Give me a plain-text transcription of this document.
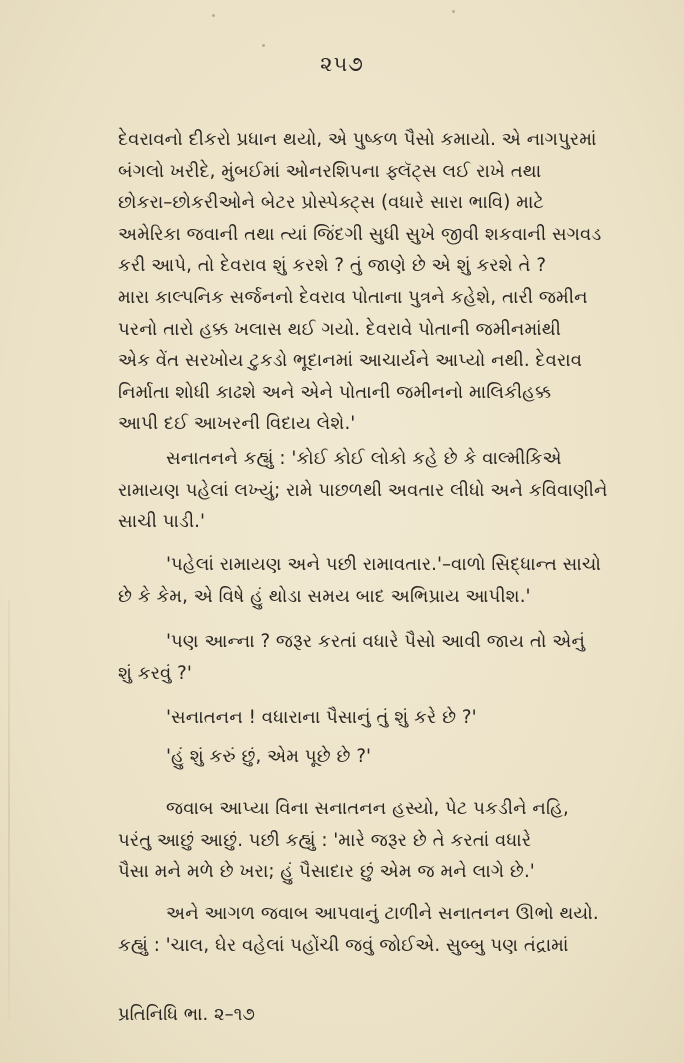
૨૫૭

દેવરાવનો દીકરો પ્રધાન થયો, એ પુષ્કળ પૈસો કમાયો. એ નાગપુરમાં
બંગલો ખરીદે, મુંબઈમાં ઓનરશિપના ફ્લૅટ્સ લઈ રાખે તથા
છોકરા–છોકરીઓને બેટર પ્રોસ્પેક્ટ્સ (વધારે સારા ભાવિ) માટે
અમેરિકા જવાની તથા ત્યાં જિંદગી સુધી સુખે જીવી શકવાની સગવડ
કરી આપે, તો દેવરાવ શું કરશે ? તું જાણે છે એ શું કરશે તે ?
મારા કાલ્પનિક સર્જનનો દેવરાવ પોતાના પુત્રને કહેશે, તારી જમીન
પરનો તારો હક્ક ખલાસ થઈ ગયો. દેવરાવે પોતાની જમીનમાંથી
એક વેંત સરખોય ટુકડો ભૂદાનમાં આચાર્યને આપ્યો નથી. દેવરાવ
નિર્માતા શોધી કાઢશે અને એને પોતાની જમીનનો માલિકીહક્ક
આપી દઈ આખરની વિદાય લેશે.'

સનાતનને કહ્યું : 'કોઈ કોઈ લોકો કહે છે કે વાલ્મીકિએ
રામાયણ પહેલાં લખ્યું; રામે પાછળથી અવતાર લીધો અને કવિવાણીને
સાચી પાડી.'

'પહેલાં રામાયણ અને પછી રામાવતાર.'–વાળો સિદ્ધાન્ત સાચો
છે કે કેમ, એ વિષે હું થોડા સમય બાદ અભિપ્રાય આપીશ.'

'પણ આન્ના ? જરૂર કરતાં વધારે પૈસો આવી જાય તો એનું
શું કરવું ?'

'સનાતનન ! વધારાના પૈસાનું તું શું કરે છે ?'

'હું શું કરું છું, એમ પૂછે છે ?'

જવાબ આપ્યા વિના સનાતનન હસ્યો, પેટ પકડીને નહિ,
પરંતુ આછું આછું. પછી કહ્યું : 'મારે જરૂર છે તે કરતાં વધારે
પૈસા મને મળે છે ખરા; હું પૈસાદાર છું એમ જ મને લાગે છે.'

અને આગળ જવાબ આપવાનું ટાળીને સનાતનન ઊભો થયો.
કહ્યું : 'ચાલ, ઘેર વહેલાં પહોંચી જવું જોઈએ. સુબ્બુ પણ તંદ્રામાં

પ્રતિનિધિ ભા. ૨–૧૭
